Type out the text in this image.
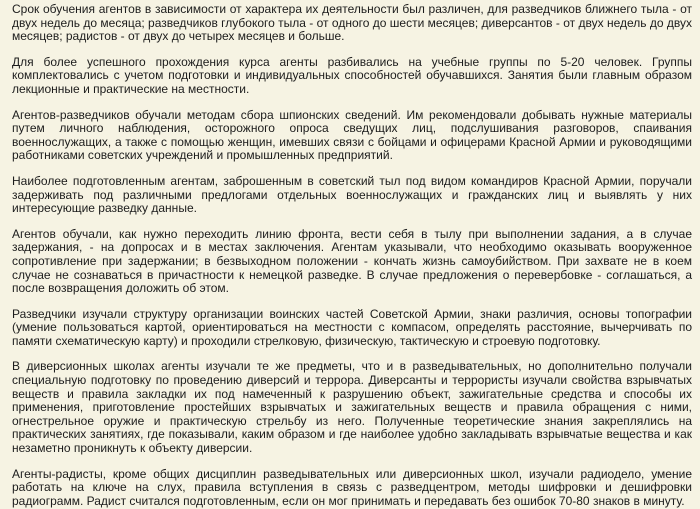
Срок обучения агентов в зависимости от характера их деятельности был различен, для разведчиков ближнего тыла - от двух недель до месяца; разведчиков глубокого тыла - от одного до шести месяцев; диверсантов - от двух недель до двух месяцев; радистов - от двух до четырех месяцев и больше.

Для более успешного прохождения курса агенты разбивались на учебные группы по 5-20 человек. Группы комплектовались с учетом подготовки и индивидуальных способностей обучавшихся. Занятия были главным образом лекционные и практические на местности.

Агентов-разведчиков обучали методам сбора шпионских сведений. Им рекомендовали добывать нужные материалы путем личного наблюдения, осторожного опроса сведущих лиц, подслушивания разговоров, спаивания военнослужащих, а также с помощью женщин, имевших связи с бойцами и офицерами Красной Армии и руководящими работниками советских учреждений и промышленных предприятий.

Наиболее подготовленным агентам, заброшенным в советский тыл под видом командиров Красной Армии, поручали задерживать под различными предлогами отдельных военнослужащих и гражданских лиц и выявлять у них интересующие разведку данные.

Агентов обучали, как нужно переходить линию фронта, вести себя в тылу при выполнении задания, а в случае задержания, - на допросах и в местах заключения. Агентам указывали, что необходимо оказывать вооруженное сопротивление при задержании; в безвыходном положении - кончать жизнь самоубийством. При захвате не в коем случае не сознаваться в причастности к немецкой разведке. В случае предложения о перевербовке - соглашаться, а после возвращения доложить об этом.

Разведчики изучали структуру организации воинских частей Советской Армии, знаки различия, основы топографии (умение пользоваться картой, ориентироваться на местности с компасом, определять расстояние, вычерчивать по памяти схематическую карту) и проходили стрелковую, физическую, тактическую и строевую подготовку.

В диверсионных школах агенты изучали те же предметы, что и в разведывательных, но дополнительно получали специальную подготовку по проведению диверсий и террора. Диверсанты и террористы изучали свойства взрывчатых веществ и правила закладки их под намеченный к разрушению объект, зажигательные средства и способы их применения, приготовление простейших взрывчатых и зажигательных веществ и правила обращения с ними, огнестрельное оружие и практическую стрельбу из него. Полученные теоретические знания закреплялись на практических занятиях, где показывали, каким образом и где наиболее удобно закладывать взрывчатые вещества и как незаметно проникнуть к объекту диверсии.

Агенты-радисты, кроме общих дисциплин разведывательных или диверсионных школ, изучали радиодело, умение работать на ключе на слух, правила вступления в связь с разведцентром, методы шифровки и дешифровки радиограмм. Радист считался подготовленным, если он мог принимать и передавать без ошибок 70-80 знаков в минуту.
